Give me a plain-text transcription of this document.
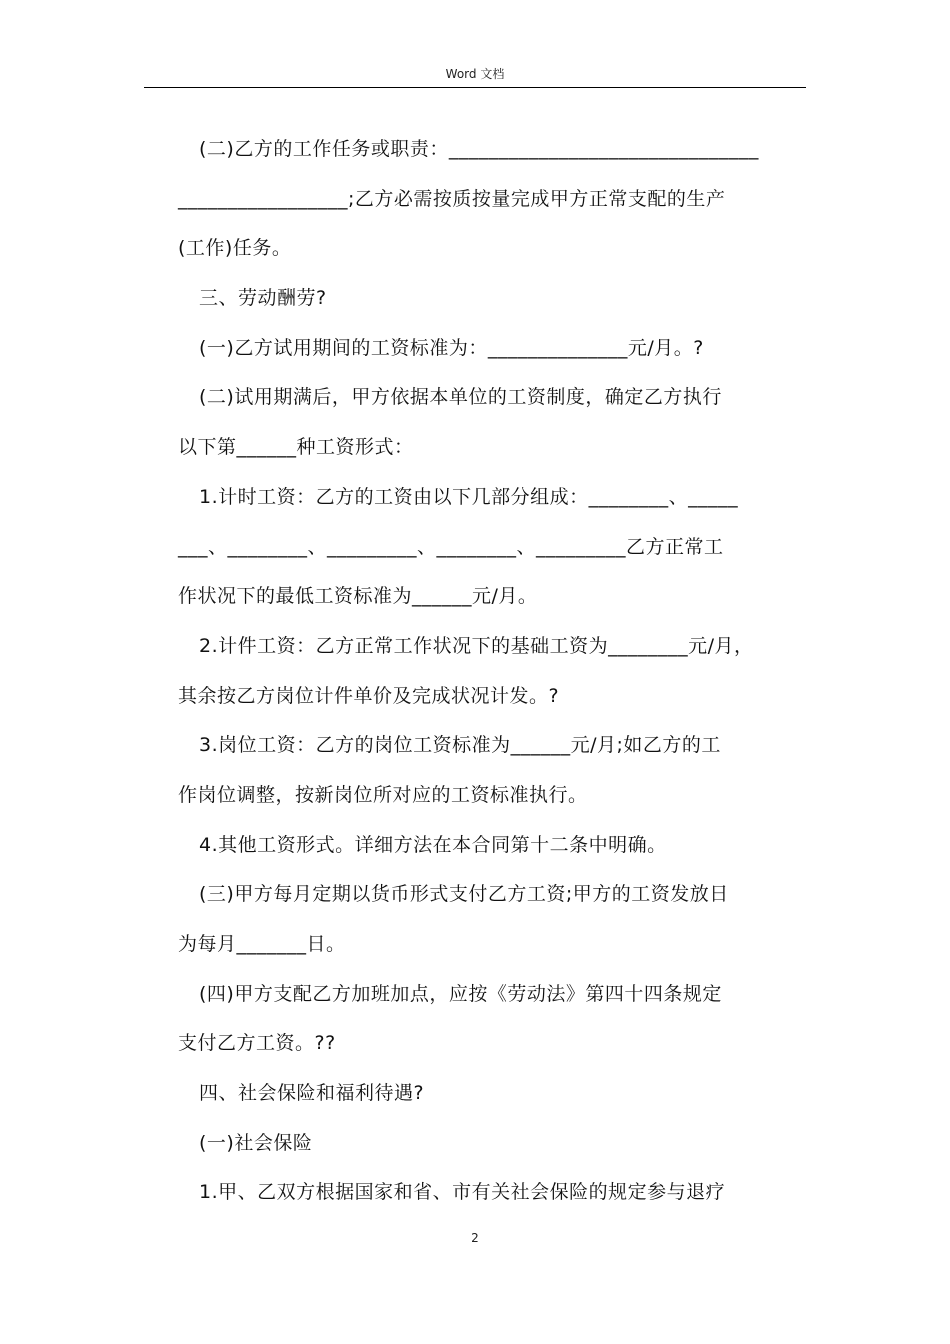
Word 文档
(二)乙方的工作任务或职责：_______________________________
_________________;乙方必需按质按量完成甲方正常支配的生产
(工作)任务。
三、劳动酬劳?
(一)乙方试用期间的工资标准为：______________元/月。?
(二)试用期满后，甲方依据本单位的工资制度，确定乙方执行
以下第______种工资形式：
1.计时工资：乙方的工资由以下几部分组成：________、_____
___、________、_________、________、_________乙方正常工
作状况下的最低工资标准为______元/月。
2.计件工资：乙方正常工作状况下的基础工资为________元/月，
其余按乙方岗位计件单价及完成状况计发。?
3.岗位工资：乙方的岗位工资标准为______元/月;如乙方的工
作岗位调整，按新岗位所对应的工资标准执行。
4.其他工资形式。详细方法在本合同第十二条中明确。
(三)甲方每月定期以货币形式支付乙方工资;甲方的工资发放日
为每月_______日。
(四)甲方支配乙方加班加点，应按《劳动法》第四十四条规定
支付乙方工资。??
四、社会保险和福利待遇?
(一)社会保险
1.甲、乙双方根据国家和省、市有关社会保险的规定参与退疗
2
